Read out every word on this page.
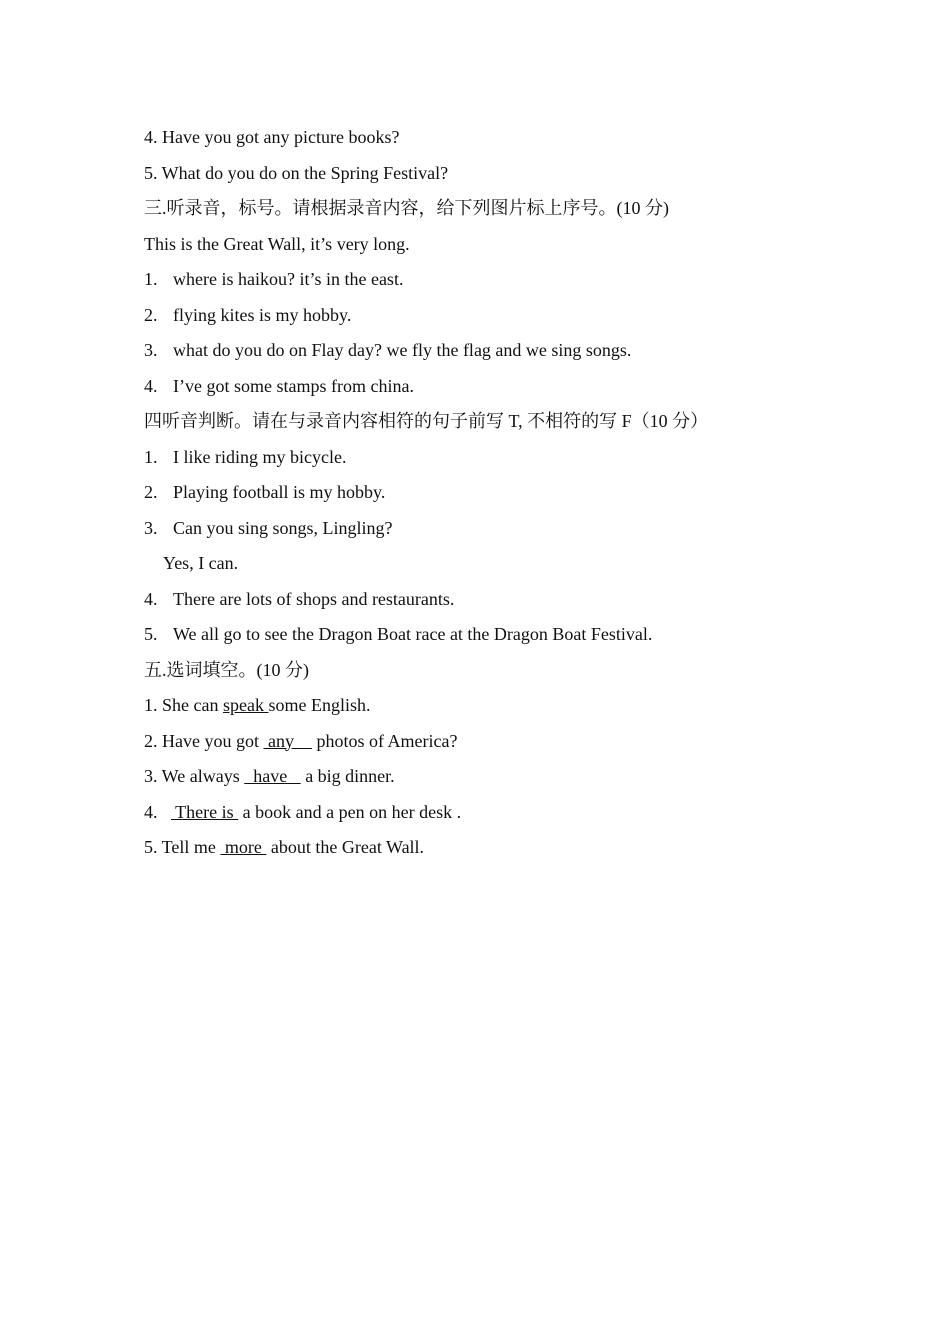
4. Have you got any picture books?
5. What do you do on the Spring Festival?
三.听录音，标号。请根据录音内容，给下列图片标上序号。(10 分)
This is the Great Wall, it’s very long.
1. where is haikou? it’s in the east.
2. flying kites is my hobby.
3. what do you do on Flay day? we fly the flag and we sing songs.
4. I’ve got some stamps from china.
四听音判断。请在与录音内容相符的句子前写 T, 不相符的写 F（10 分）
1. I like riding my bicycle.
2. Playing football is my hobby.
3. Can you sing songs, Lingling?
Yes, I can.
4. There are lots of shops and restaurants.
5. We all go to see the Dragon Boat race at the Dragon Boat Festival.
五.选词填空。(10 分)
1. She can speak some English.
2. Have you got  any     photos of America?
3. We always   have    a big dinner.
4.    There is  a book and a pen on her desk .
5. Tell me  more  about the Great Wall.
